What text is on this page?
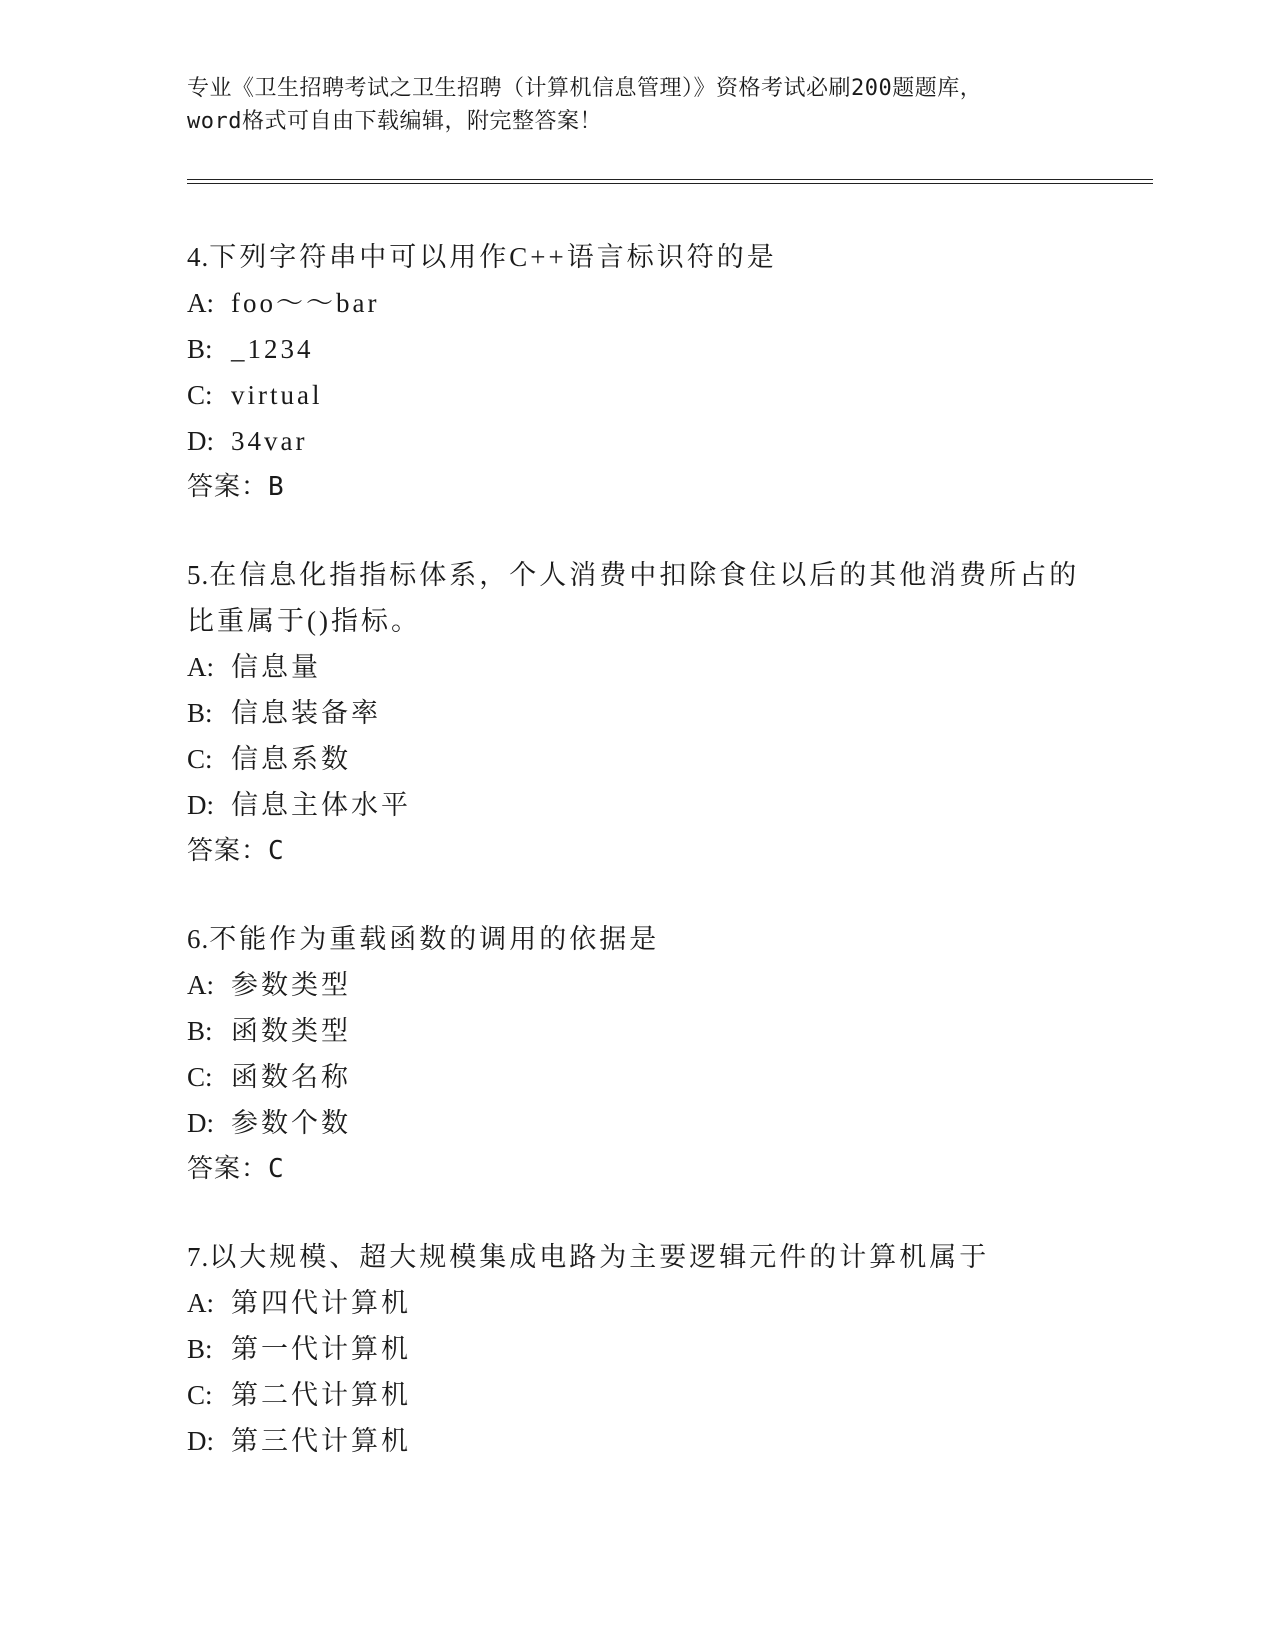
专业《卫生招聘考试之卫生招聘（计算机信息管理）》资格考试必刷200题题库，
word格式可自由下载编辑，附完整答案！

4.下列字符串中可以用作C++语言标识符的是

A: foo～～bar

B: _1234

C: virtual

D: 34var

答案：B

5.在信息化指指标体系，个人消费中扣除食住以后的其他消费所占的

比重属于()指标。

A: 信息量

B: 信息装备率

C: 信息系数

D: 信息主体水平

答案：C

6.不能作为重载函数的调用的依据是

A: 参数类型

B: 函数类型

C: 函数名称

D: 参数个数

答案：C

7.以大规模、超大规模集成电路为主要逻辑元件的计算机属于

A: 第四代计算机

B: 第一代计算机

C: 第二代计算机

D: 第三代计算机
